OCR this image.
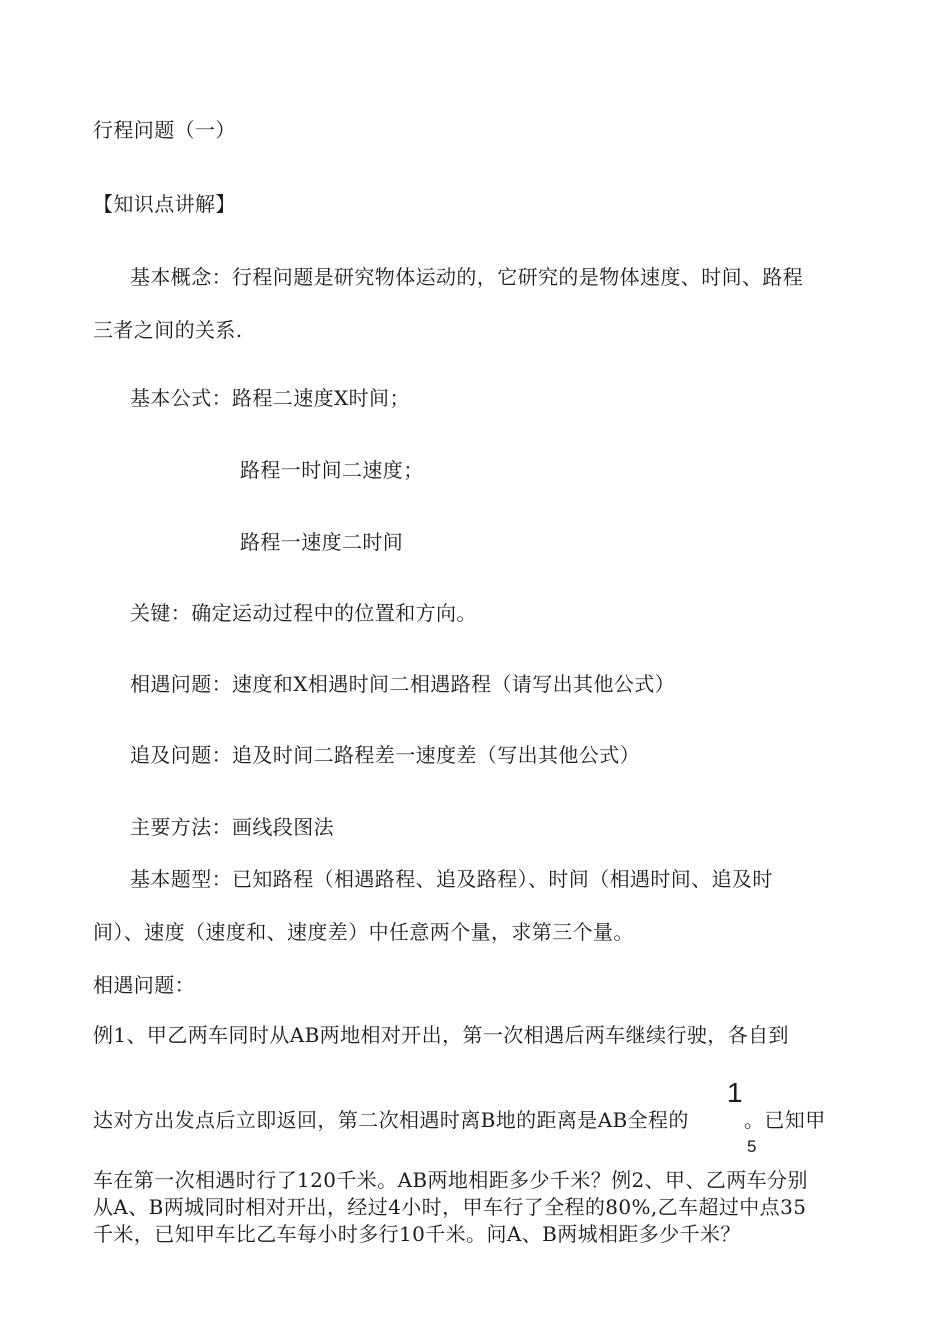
行程问题（一）
【知识点讲解】
基本概念：行程问题是研究物体运动的，它研究的是物体速度、时间、路程
三者之间的关系.
基本公式：路程二速度X时间；
路程一时间二速度；
路程一速度二时间
关键：确定运动过程中的位置和方向。
相遇问题：速度和X相遇时间二相遇路程（请写出其他公式）
追及问题：追及时间二路程差一速度差（写出其他公式）
主要方法：画线段图法
基本题型：已知路程（相遇路程、追及路程）、时间（相遇时间、追及时
间）、速度（速度和、速度差）中任意两个量，求第三个量。
相遇问题：
例1、甲乙两车同时从AB两地相对开出，第一次相遇后两车继续行驶，各自到
达对方出发点后立即返回，第二次相遇时离B地的距离是AB全程的
1
5
。已知甲
车在第一次相遇时行了120千米。AB两地相距多少千米？例2、甲、乙两车分别
从A、B两城同时相对开出，经过4小时，甲车行了全程的80%,乙车超过中点35
千米，已知甲车比乙车每小时多行10千米。问A、B两城相距多少千米？
